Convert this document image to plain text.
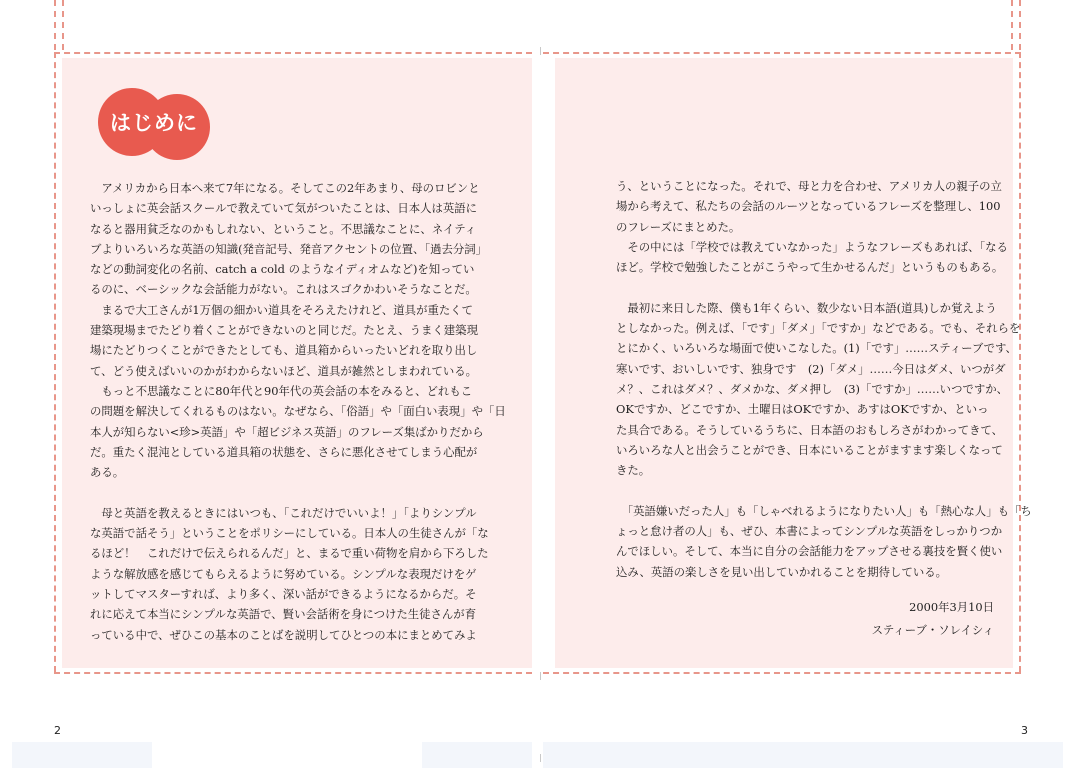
はじめに

　アメリカから日本へ来て7年になる。そしてこの2年あまり、母のロビンと

いっしょに英会話スクールで教えていて気がついたことは、日本人は英語に

なると器用貧乏なのかもしれない、ということ。不思議なことに、ネイティ

ブよりいろいろな英語の知識(発音記号、発音アクセントの位置、「過去分詞」

などの動詞変化の名前、catch a cold のようなイディオムなど)を知ってい

るのに、ベーシックな会話能力がない。これはスゴクかわいそうなことだ。

　まるで大工さんが1万個の細かい道具をそろえたけれど、道具が重たくて

建築現場までたどり着くことができないのと同じだ。たとえ、うまく建築現

場にたどりつくことができたとしても、道具箱からいったいどれを取り出し

て、どう使えばいいのかがわからないほど、道具が雑然としまわれている。

　もっと不思議なことに80年代と90年代の英会話の本をみると、どれもこ

の問題を解決してくれるものはない。なぜなら、「俗語」や「面白い表現」や「日

本人が知らない<珍>英語」や「超ビジネス英語」のフレーズ集ばかりだから

だ。重たく混沌としている道具箱の状態を、さらに悪化させてしまう心配が

ある。

　母と英語を教えるときにはいつも、「これだけでいいよ！」「よりシンプル

な英語で話そう」ということをポリシーにしている。日本人の生徒さんが「な

るほど！　これだけで伝えられるんだ」と、まるで重い荷物を肩から下ろした

ような解放感を感じてもらえるように努めている。シンプルな表現だけをゲ

ットしてマスターすれば、より多く、深い話ができるようになるからだ。そ

れに応えて本当にシンプルな英語で、賢い会話術を身につけた生徒さんが育

っている中で、ぜひこの基本のことばを説明してひとつの本にまとめてみよ

2

う、ということになった。それで、母と力を合わせ、アメリカ人の親子の立

場から考えて、私たちの会話のルーツとなっているフレーズを整理し、100

のフレーズにまとめた。

　その中には「学校では教えていなかった」ようなフレーズもあれば、「なる

ほど。学校で勉強したことがこうやって生かせるんだ」というものもある。

　最初に来日した際、僕も1年くらい、数少ない日本語(道具)しか覚えよう

としなかった。例えば、「です」「ダメ」「ですか」などである。でも、それらを

とにかく、いろいろな場面で使いこなした。(1)「です」……スティーブです、

寒いです、おいしいです、独身です　(2)「ダメ」……今日はダメ、いつがダ

メ？、これはダメ？、ダメかな、ダメ押し　(3)「ですか」……いつですか、

OKですか、どこですか、土曜日はOKですか、あすはOKですか、といっ

た具合である。そうしているうちに、日本語のおもしろさがわかってきて、

いろいろな人と出会うことができ、日本にいることがますます楽しくなって

きた。

　「英語嫌いだった人」も「しゃべれるようになりたい人」も「熱心な人」も「ち

ょっと怠け者の人」も、ぜひ、本書によってシンプルな英語をしっかりつか

んでほしい。そして、本当に自分の会話能力をアップさせる裏技を賢く使い

込み、英語の楽しさを見い出していかれることを期待している。

2000年3月10日
スティーブ・ソレイシィ
3
